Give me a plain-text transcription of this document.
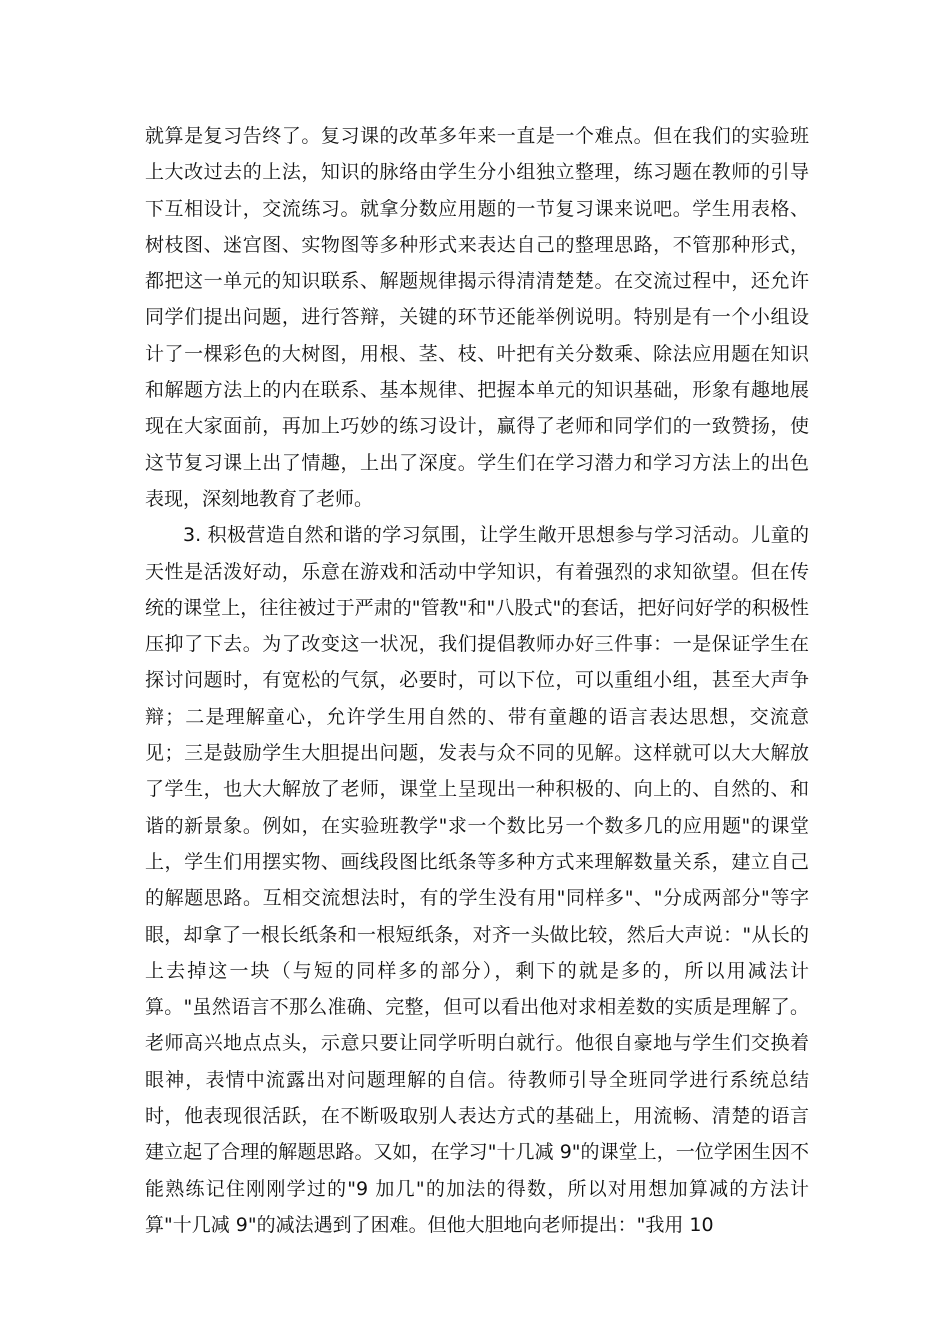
就算是复习告终了。复习课的改革多年来一直是一个难点。但在我们的实验班上大改过去的上法，知识的脉络由学生分小组独立整理，练习题在教师的引导下互相设计，交流练习。就拿分数应用题的一节复习课来说吧。学生用表格、树枝图、迷宫图、实物图等多种形式来表达自己的整理思路，不管那种形式，都把这一单元的知识联系、解题规律揭示得清清楚楚。在交流过程中，还允许同学们提出问题，进行答辩，关键的环节还能举例说明。特别是有一个小组设计了一棵彩色的大树图，用根、茎、枝、叶把有关分数乘、除法应用题在知识和解题方法上的内在联系、基本规律、把握本单元的知识基础，形象有趣地展现在大家面前，再加上巧妙的练习设计，赢得了老师和同学们的一致赞扬，使这节复习课上出了情趣，上出了深度。学生们在学习潜力和学习方法上的出色表现，深刻地教育了老师。

3. 积极营造自然和谐的学习氛围，让学生敞开思想参与学习活动。儿童的天性是活泼好动，乐意在游戏和活动中学知识，有着强烈的求知欲望。但在传统的课堂上，往往被过于严肃的"管教"和"八股式"的套话，把好问好学的积极性压抑了下去。为了改变这一状况，我们提倡教师办好三件事：一是保证学生在探讨问题时，有宽松的气氛，必要时，可以下位，可以重组小组，甚至大声争辩；二是理解童心，允许学生用自然的、带有童趣的语言表达思想，交流意见；三是鼓励学生大胆提出问题，发表与众不同的见解。这样就可以大大解放了学生，也大大解放了老师，课堂上呈现出一种积极的、向上的、自然的、和谐的新景象。例如，在实验班教学"求一个数比另一个数多几的应用题"的课堂上，学生们用摆实物、画线段图比纸条等多种方式来理解数量关系，建立自己的解题思路。互相交流想法时，有的学生没有用"同样多"、"分成两部分"等字眼，却拿了一根长纸条和一根短纸条，对齐一头做比较，然后大声说："从长的上去掉这一块（与短的同样多的部分），剩下的就是多的，所以用减法计算。"虽然语言不那么准确、完整，但可以看出他对求相差数的实质是理解了。老师高兴地点点头，示意只要让同学听明白就行。他很自豪地与学生们交换着眼神，表情中流露出对问题理解的自信。待教师引导全班同学进行系统总结时，他表现很活跃，在不断吸取别人表达方式的基础上，用流畅、清楚的语言建立起了合理的解题思路。又如，在学习"十几减 9"的课堂上，一位学困生因不能熟练记住刚刚学过的"9 加几"的加法的得数，所以对用想加算减的方法计算"十几减 9"的减法遇到了困难。但他大胆地向老师提出："我用 10
